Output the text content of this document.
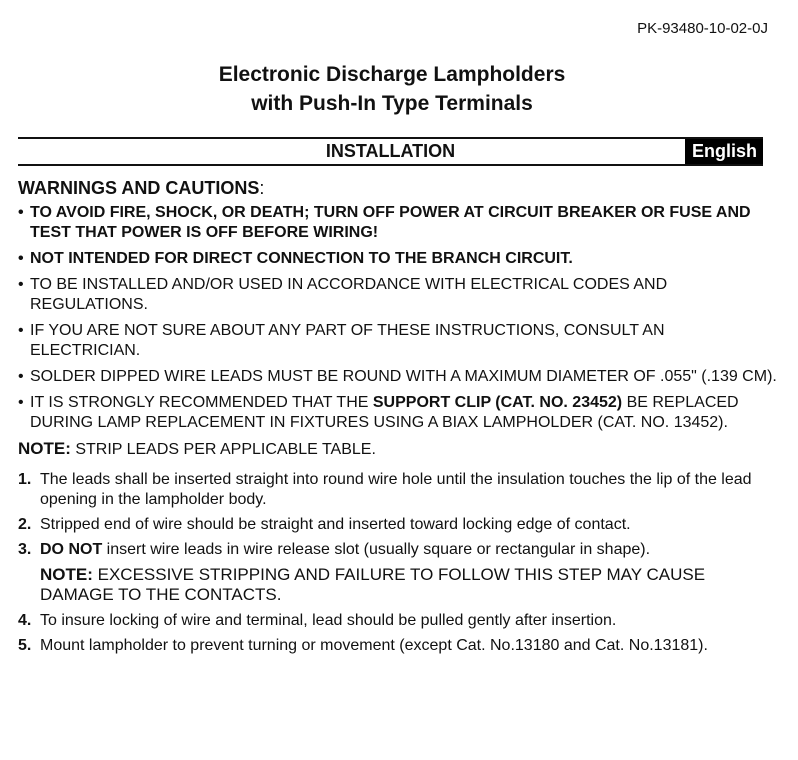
PK-93480-10-02-0J
Electronic Discharge Lampholders
with Push-In Type Terminals
INSTALLATION	English
WARNINGS AND CAUTIONS:
• TO AVOID FIRE, SHOCK, OR DEATH; TURN OFF POWER AT CIRCUIT BREAKER OR FUSE AND TEST THAT POWER IS OFF BEFORE WIRING!
• NOT INTENDED FOR DIRECT CONNECTION TO THE BRANCH CIRCUIT.
• TO BE INSTALLED AND/OR USED IN ACCORDANCE WITH ELECTRICAL CODES AND REGULATIONS.
• IF YOU ARE NOT SURE ABOUT ANY PART OF THESE INSTRUCTIONS, CONSULT AN ELECTRICIAN.
• SOLDER DIPPED WIRE LEADS MUST BE ROUND WITH A MAXIMUM DIAMETER OF .055" (.139 CM).
• IT IS STRONGLY RECOMMENDED THAT THE SUPPORT CLIP (CAT. NO. 23452) BE REPLACED DURING LAMP REPLACEMENT IN FIXTURES USING A BIAX LAMPHOLDER (CAT. NO. 13452).
NOTE: STRIP LEADS PER APPLICABLE TABLE.
1. The leads shall be inserted straight into round wire hole until the insulation touches the lip of the lead opening in the lampholder body.
2. Stripped end of wire should be straight and inserted toward locking edge of contact.
3. DO NOT insert wire leads in wire release slot (usually square or rectangular in shape).
NOTE: EXCESSIVE STRIPPING AND FAILURE TO FOLLOW THIS STEP MAY CAUSE DAMAGE TO THE CONTACTS.
4. To insure locking of wire and terminal, lead should be pulled gently after insertion.
5. Mount lampholder to prevent turning or movement (except Cat. No.13180 and Cat. No.13181).
